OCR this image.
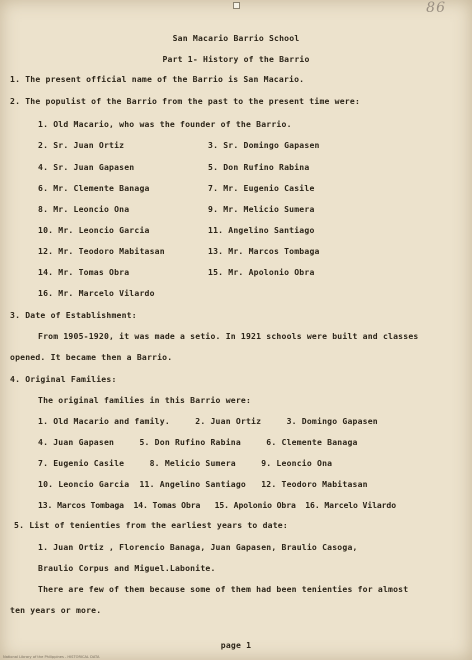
86
San Macario Barrio School
Part 1- History of the Barrio
1. The present official name of the Barrio is San Macario.
2. The populist of the Barrio from the past to the present time were:
1. Old Macario, who was the founder of the Barrio.
2. Sr. Juan Ortiz
4. Sr. Juan Gapasen
6. Mr. Clemente Banaga
8. Mr. Leoncio Ona
10. Mr. Leoncio Garcia
12. Mr. Teodoro Mabitasan
14. Mr. Tomas Obra
16. Mr. Marcelo Vilardo
3. Sr. Domingo Gapasen
5. Don Rufino Rabina
7. Mr. Eugenio Casile
9. Mr. Melicio Sumera
11. Angelino Santiago
13. Mr. Marcos Tombaga
15. Mr. Apolonio Obra
3. Date of Establishment:
From 1905-1920, it was made a setio. In 1921 schools were built and classes
opened. It became then a Barrio.
4. Original Families:
The original families in this Barrio were:
1. Old Macario and family.     2. Juan Ortiz     3. Domingo Gapasen
4. Juan Gapasen     5. Don Rufino Rabina     6. Clemente Banaga
7. Eugenio Casile     8. Melicio Sumera     9. Leoncio Ona
10. Leoncio Garcia  11. Angelino Santiago   12. Teodoro Mabitasan
13. Marcos Tombaga  14. Tomas Obra   15. Apolonio Obra  16. Marcelo Vilardo
5. List of tenienties from the earliest years to date:
1. Juan Ortiz , Florencio Banaga, Juan Gapasen, Braulio Casoga,
Braulio Corpus and Miguel.Labonite.
There are few of them because some of them had been tenienties for almost
ten years or more.
page 1
National Library of the Philippines - HISTORICAL DATA
